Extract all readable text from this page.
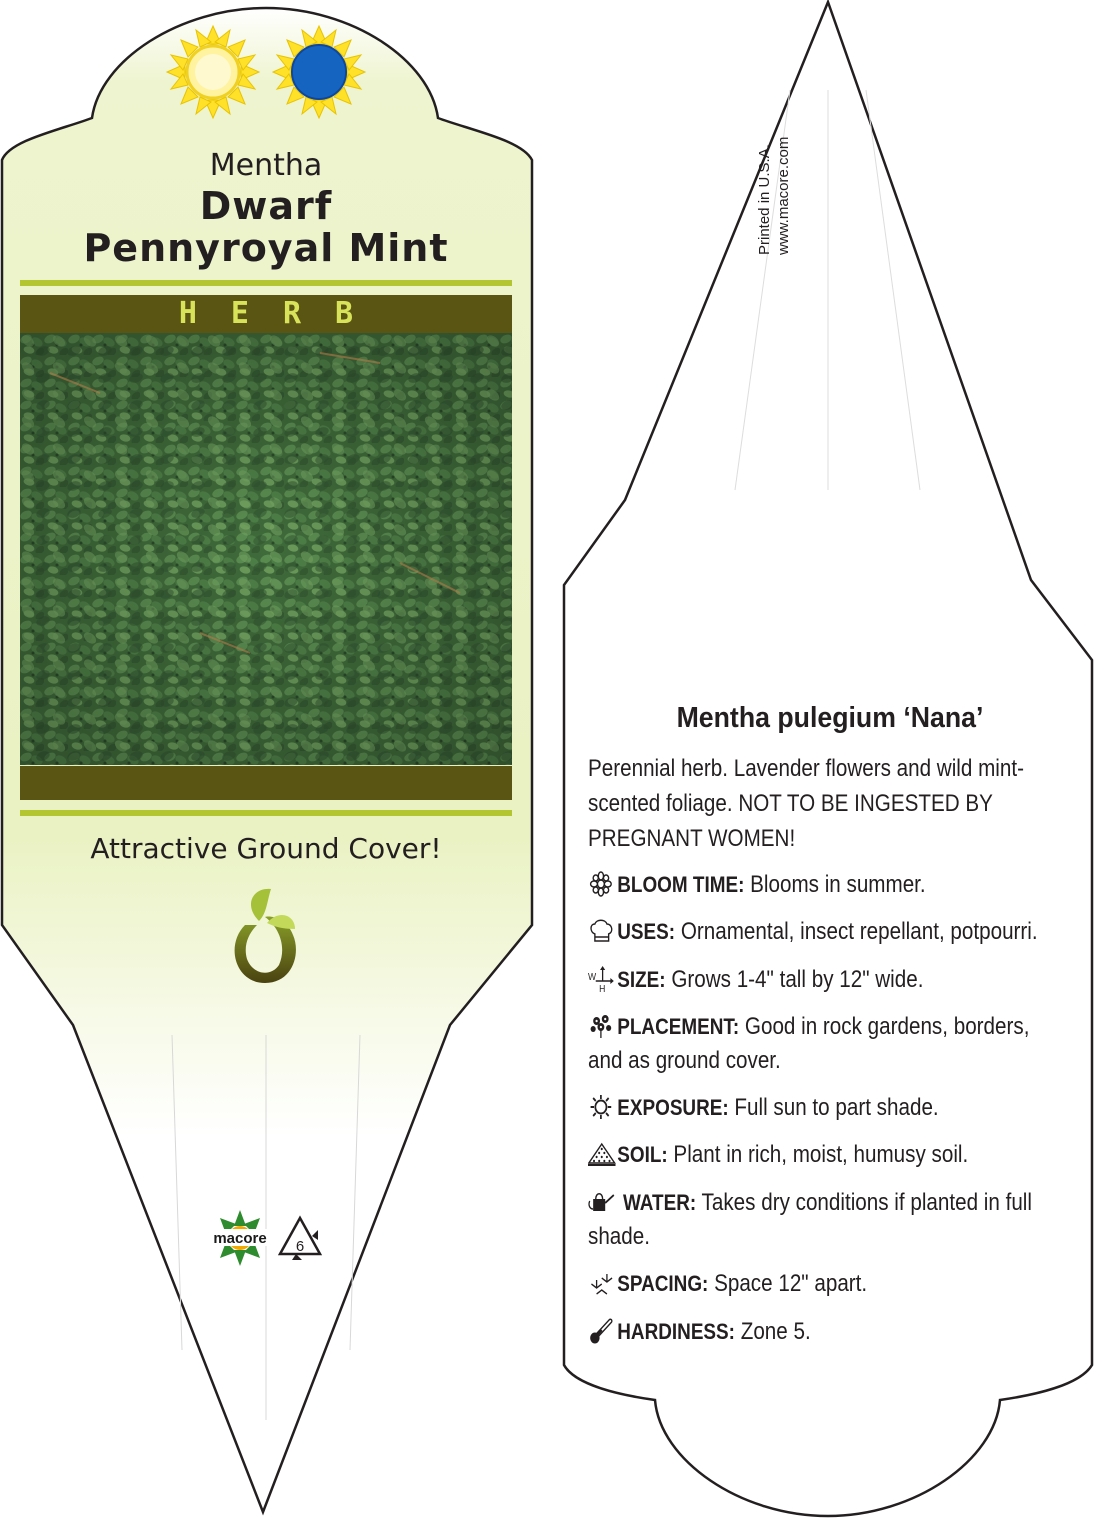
macore 6
Mentha
Dwarf
Pennyroyal Mint
HERB
Attractive Ground Cover!
Printed in U.S.A. www.macore.com
Mentha pulegium ‘Nana’
Perennial herb. Lavender flowers and wild mint-scented foliage. NOT TO BE INGESTED BY PREGNANT WOMEN!
BLOOM TIME: Blooms in summer.
USES: Ornamental, insect repellant, potpourri.
W
H SIZE: Grows 1-4" tall by 12" wide.
PLACEMENT: Good in rock gardens, borders, and as ground cover.
EXPOSURE: Full sun to part shade.
SOIL: Plant in rich, moist, humusy soil.
WATER: Takes dry conditions if planted in full shade.
SPACING: Space 12" apart.
HARDINESS: Zone 5.
